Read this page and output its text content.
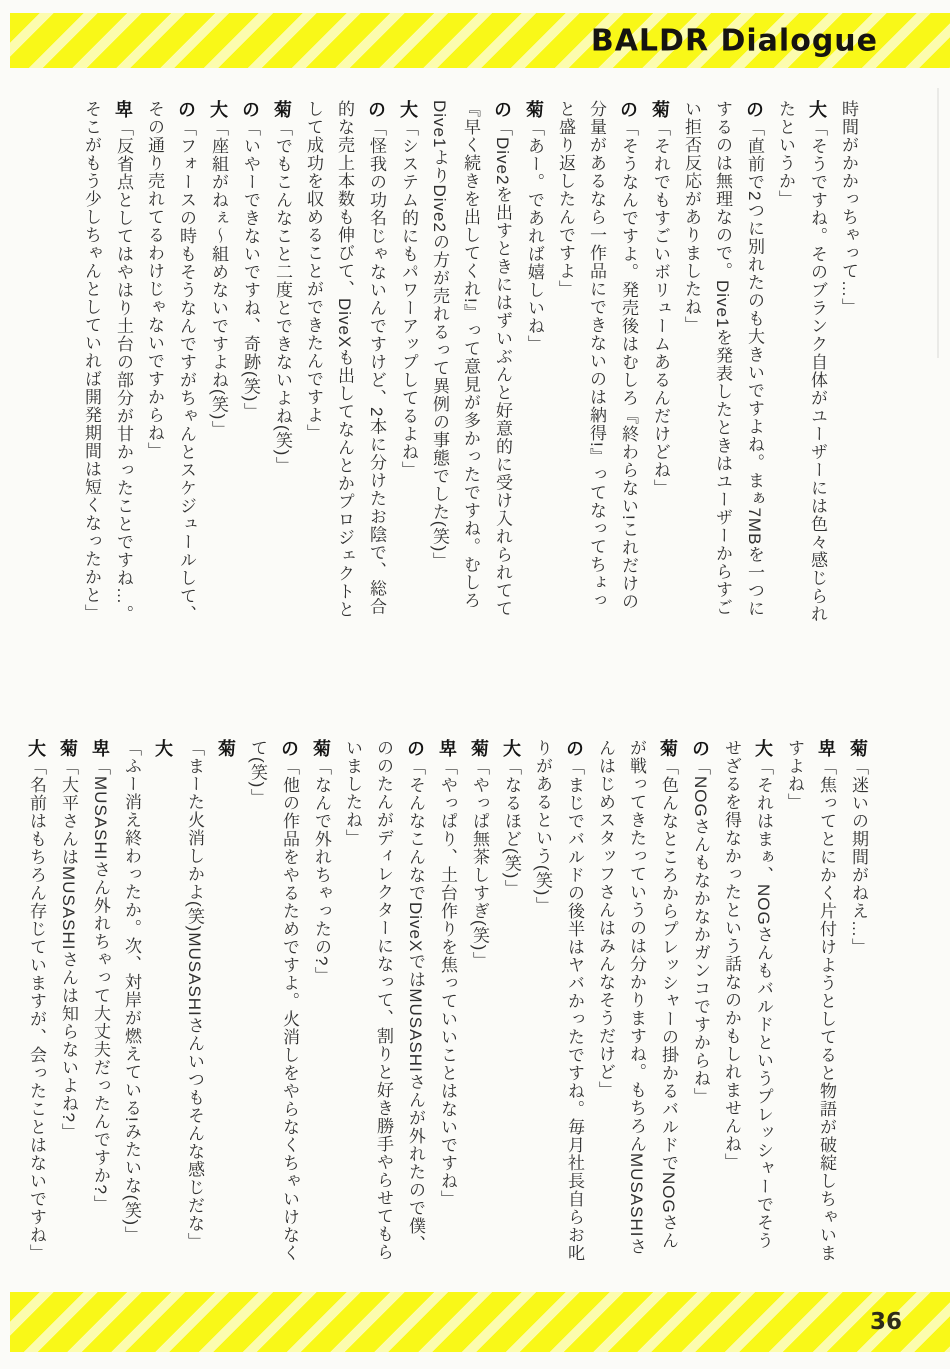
BALDR Dialogue

時間がかかっちゃって…」

大「そうですね。そのブランク自体がユーザーには色々感じられたというか」

の「直前で2つに別れたのも大きいですよね。まぁ7MBを一つにするのは無理なので。Dive1を発表したときはユーザーからすごい拒否反応がありましたね」

菊「それでもすごいボリュームあるんだけどね」

の「そうなんですよ。発売後はむしろ『終わらない!これだけの分量があるなら一作品にできないのは納得!』ってなってちょっと盛り返したんですよ」

菊「あー。であれば嬉しいね」

の「Dive2を出すときにはずいぶんと好意的に受け入れられてて『早く続きを出してくれ!』って意見が多かったですね。むしろDive1よりDive2の方が売れるって異例の事態でした(笑)」

大「システム的にもパワーアップしてるよね」

の「怪我の功名じゃないんですけど、2本に分けたお陰で、総合的な売上本数も伸びて、DiveXも出してなんとかプロジェクトとして成功を収めることができたんですよ」

菊「でもこんなこと二度とできないよね(笑)」

の「いやーできないですね、奇跡(笑)」

大「座組がねぇ〜組めないですよね(笑)」

の「フォースの時もそうなんですがちゃんとスケジュールして、その通り売れてるわけじゃないですからね」

卑「反省点としてはやはり土台の部分が甘かったことですね…。そこがもう少しちゃんとしていれば開発期間は短くなったかと」

菊「迷いの期間がねえ…」

卑「焦ってとにかく片付けようとしてると物語が破綻しちゃいますよね」

大「それはまぁ、NOGさんもバルドというプレッシャーでそうせざるを得なかったという話なのかもしれませんね」

の「NOGさんもなかなかガンコですからね」

菊「色んなところからプレッシャーの掛かるバルドでNOGさんが戦ってきたっていうのは分かりますね。もちろんMUSASHIさんはじめスタッフさんはみんなそうだけど」

の「まじでバルドの後半はヤバかったですね。毎月社長自らお叱りがあるという(笑)」

大「なるほど(笑)」

菊「やっぱ無茶しすぎ(笑)」

卑「やっぱり、土台作りを焦っていいことはないですね」

の「そんなこんなでDiveXではMUSASHIさんが外れたので僕、ののたんがディレクターになって、割りと好き勝手やらせてもらいましたね」

菊「なんで外れちゃったの?」

の「他の作品をやるためですよ。火消しをやらなくちゃいけなくて(笑)」

菊「まーた火消しかよ(笑)MUSASHIさんいつもそんな感じだな」

大「ふー消え終わったか。次、対岸が燃えている!みたいな(笑)」

卑「MUSASHIさん外れちゃって大丈夫だったんですか?」

菊「大平さんはMUSASHIさんは知らないよね?」

大「名前はもちろん存じていますが、会ったことはないですね」

36
